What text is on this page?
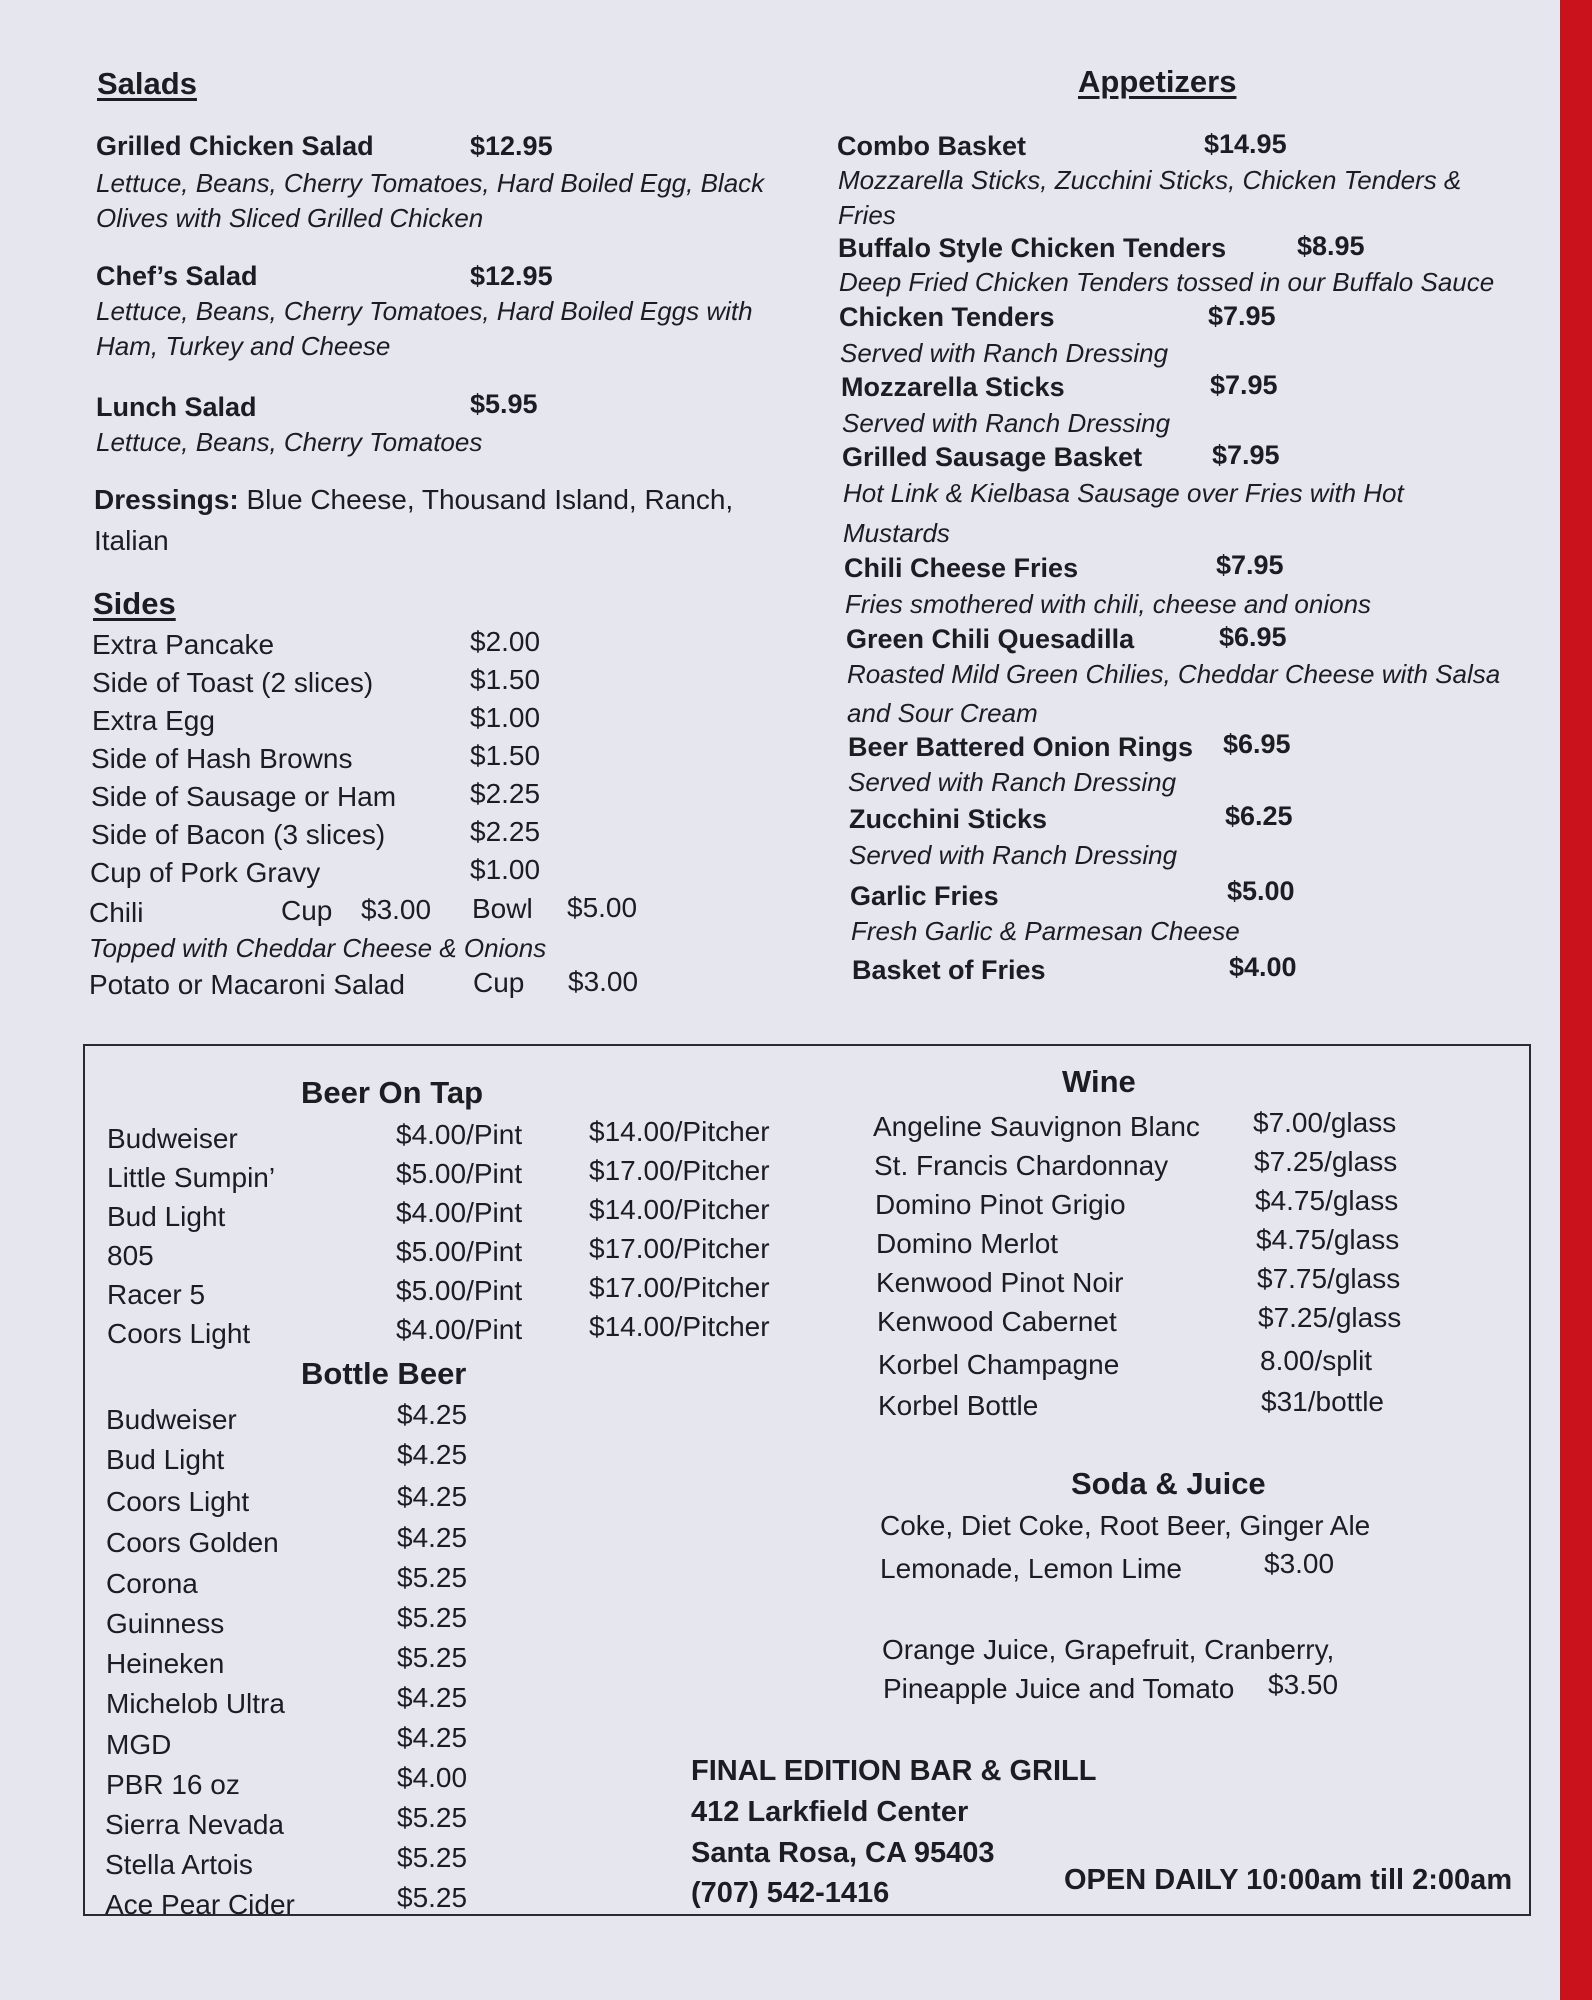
Salads
Grilled Chicken Salad	$12.95
Lettuce, Beans, Cherry Tomatoes, Hard Boiled Egg, Black
Olives with Sliced Grilled Chicken
Chef’s Salad	$12.95
Lettuce, Beans, Cherry Tomatoes, Hard Boiled Eggs with
Ham, Turkey and Cheese
Lunch Salad	$5.95
Lettuce, Beans, Cherry Tomatoes
Dressings: Blue Cheese, Thousand Island, Ranch,
Italian
Sides
Extra Pancake	$2.00
Side of Toast (2 slices)	$1.50
Extra Egg	$1.00
Side of Hash Browns	$1.50
Side of Sausage or Ham	$2.25
Side of Bacon (3 slices)	$2.25
Cup of Pork Gravy	$1.00
Chili	Cup $3.00 Bowl $5.00
Topped with Cheddar Cheese & Onions
Potato or Macaroni Salad Cup $3.00
Appetizers
Combo Basket	$14.95
Mozzarella Sticks, Zucchini Sticks, Chicken Tenders &
Fries
Buffalo Style Chicken Tenders	$8.95
Deep Fried Chicken Tenders tossed in our Buffalo Sauce
Chicken Tenders	$7.95
Served with Ranch Dressing
Mozzarella Sticks	$7.95
Served with Ranch Dressing
Grilled Sausage Basket	$7.95
Hot Link & Kielbasa Sausage over Fries with Hot
Mustards
Chili Cheese Fries	$7.95
Fries smothered with chili, cheese and onions
Green Chili Quesadilla	$6.95
Roasted Mild Green Chilies, Cheddar Cheese with Salsa
and Sour Cream
Beer Battered Onion Rings $6.95
Served with Ranch Dressing
Zucchini Sticks	$6.25
Served with Ranch Dressing
Garlic Fries	$5.00
Fresh Garlic & Parmesan Cheese
Basket of Fries	$4.00
Beer On Tap
Budweiser	$4.00/Pint $14.00/Pitcher
Little Sumpin’	$5.00/Pint $17.00/Pitcher
Bud Light	$4.00/Pint $14.00/Pitcher
805	$5.00/Pint $17.00/Pitcher
Racer 5	$5.00/Pint $17.00/Pitcher
Coors Light	$4.00/Pint $14.00/Pitcher
Bottle Beer
Budweiser	$4.25
Bud Light	$4.25
Coors Light	$4.25
Coors Golden	$4.25
Corona	$5.25
Guinness	$5.25
Heineken	$5.25
Michelob Ultra	$4.25
MGD	$4.25
PBR 16 oz	$4.00
Sierra Nevada	$5.25
Stella Artois	$5.25
Ace Pear Cider	$5.25
Wine
Angeline Sauvignon Blanc $7.00/glass
St. Francis Chardonnay	$7.25/glass
Domino Pinot Grigio	$4.75/glass
Domino Merlot	$4.75/glass
Kenwood Pinot Noir	$7.75/glass
Kenwood Cabernet	$7.25/glass
Korbel Champagne	8.00/split
Korbel Bottle	$31/bottle
Soda & Juice
Coke, Diet Coke, Root Beer, Ginger Ale
Lemonade, Lemon Lime	$3.00
Orange Juice, Grapefruit, Cranberry,
Pineapple Juice and Tomato $3.50
FINAL EDITION BAR & GRILL
412 Larkfield Center
Santa Rosa, CA 95403
(707) 542-1416	OPEN DAILY 10:00am till 2:00am
